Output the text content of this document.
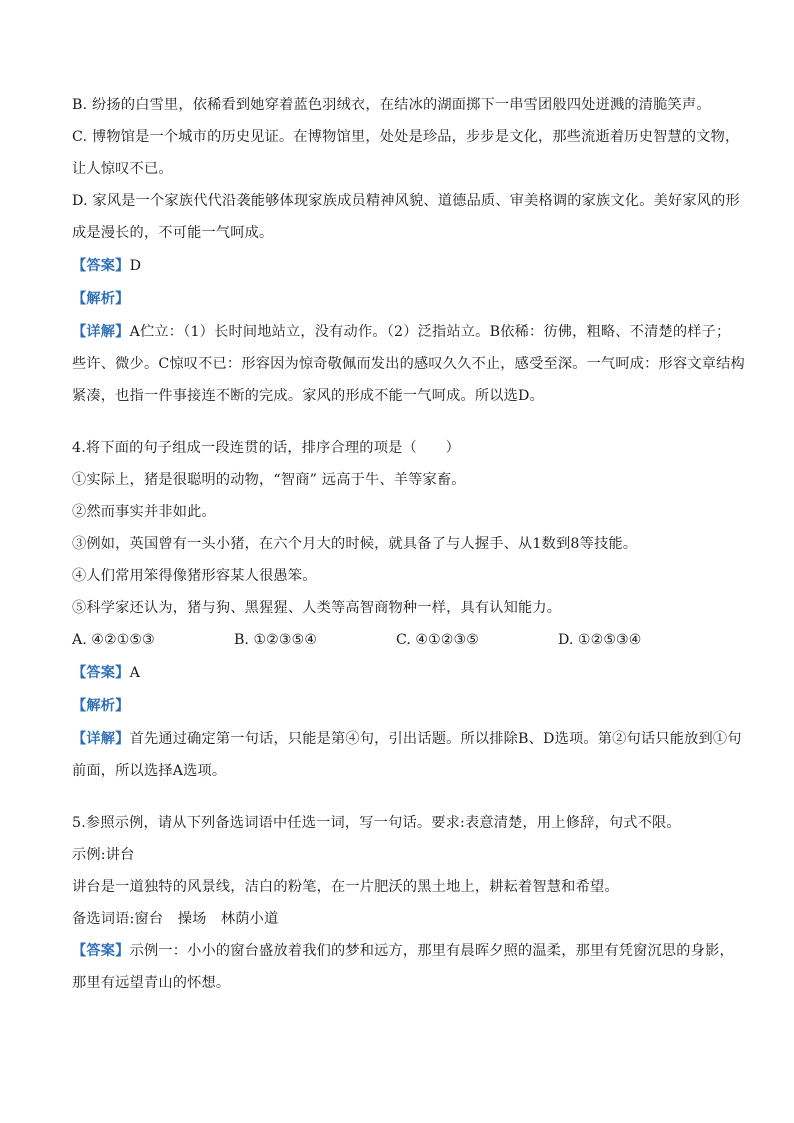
B. 纷扬的白雪里，依稀看到她穿着蓝色羽绒衣，在结冰的湖面掷下一串雪团般四处迸溅的清脆笑声。
C. 博物馆是一个城市的历史见证。在博物馆里，处处是珍品，步步是文化，那些流逝着历史智慧的文物，
让人惊叹不已。
D. 家风是一个家族代代沿袭能够体现家族成员精神风貌、道德品质、审美格调的家族文化。美好家风的形
成是漫长的，不可能一气呵成。
【答案】D
【解析】
【详解】A伫立：（1）长时间地站立，没有动作。（2）泛指站立。B依稀：彷佛，粗略、不清楚的样子；
些许、微少。C惊叹不已：形容因为惊奇敬佩而发出的感叹久久不止，感受至深。一气呵成：形容文章结构
紧凑，也指一件事接连不断的完成。家风的形成不能一气呵成。所以选D。
4.将下面的句子组成一段连贯的话，排序合理的项是（　　）
①实际上，猪是很聪明的动物，“智商” 远高于牛、羊等家畜。
②然而事实并非如此。
③例如，英国曾有一头小猪，在六个月大的时候，就具备了与人握手、从1数到8等技能。
④人们常用笨得像猪形容某人很愚笨。
⑤科学家还认为，猪与狗、黑猩猩、人类等高智商物种一样，具有认知能力。
A. ④②①⑤③	B. ①②③⑤④	C. ④①②③⑤	D. ①②⑤③④
【答案】A
【解析】
【详解】首先通过确定第一句话，只能是第④句，引出话题。所以排除B、D选项。第②句话只能放到①句
前面，所以选择A选项。
5.参照示例，请从下列备选词语中任选一词，写一句话。要求:表意清楚，用上修辞，句式不限。
示例:讲台
讲台是一道独特的风景线，洁白的粉笔，在一片肥沃的黑土地上，耕耘着智慧和希望。
备选词语:窗台　操场　林荫小道
【答案】示例一：小小的窗台盛放着我们的梦和远方，那里有晨晖夕照的温柔，那里有凭窗沉思的身影，
那里有远望青山的怀想。
